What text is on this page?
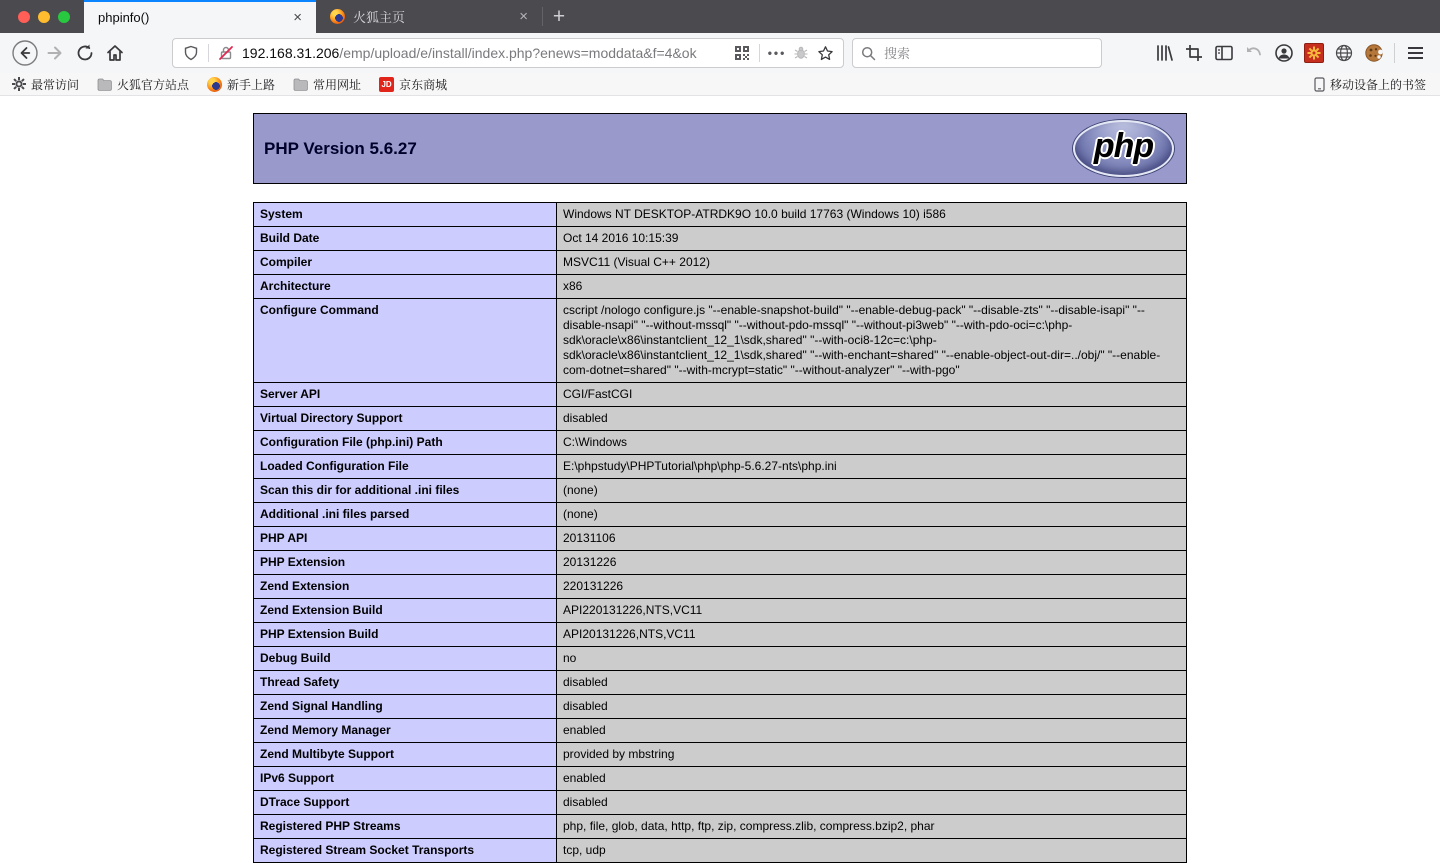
phpinfo()	×	火狐主页	×	+
192.168.31.206/emp/upload/e/install/index.php?enews=moddata&f=4&ok	•••
搜索
最常访问	火狐官方站点	新手上路	常用网址	JD 京东商城	移动设备上的书签
PHP Version 5.6.27	php
System	Windows NT DESKTOP-ATRDK9O 10.0 build 17763 (Windows 10) i586
Build Date	Oct 14 2016 10:15:39
Compiler	MSVC11 (Visual C++ 2012)
Architecture	x86
Configure Command	cscript /nologo configure.js "--enable-snapshot-build" "--enable-debug-pack" "--disable-zts" "--disable-isapi" "--disable-nsapi" "--without-mssql" "--without-pdo-mssql" "--without-pi3web" "--with-pdo-oci=c:\php-sdk\oracle\x86\instantclient_12_1\sdk,shared" "--with-oci8-12c=c:\php-sdk\oracle\x86\instantclient_12_1\sdk,shared" "--with-enchant=shared" "--enable-object-out-dir=../obj/" "--enable-com-dotnet=shared" "--with-mcrypt=static" "--without-analyzer" "--with-pgo"
Server API	CGI/FastCGI
Virtual Directory Support	disabled
Configuration File (php.ini) Path	C:\Windows
Loaded Configuration File	E:\phpstudy\PHPTutorial\php\php-5.6.27-nts\php.ini
Scan this dir for additional .ini files	(none)
Additional .ini files parsed	(none)
PHP API	20131106
PHP Extension	20131226
Zend Extension	220131226
Zend Extension Build	API220131226,NTS,VC11
PHP Extension Build	API20131226,NTS,VC11
Debug Build	no
Thread Safety	disabled
Zend Signal Handling	disabled
Zend Memory Manager	enabled
Zend Multibyte Support	provided by mbstring
IPv6 Support	enabled
DTrace Support	disabled
Registered PHP Streams	php, file, glob, data, http, ftp, zip, compress.zlib, compress.bzip2, phar
Registered Stream Socket Transports	tcp, udp
